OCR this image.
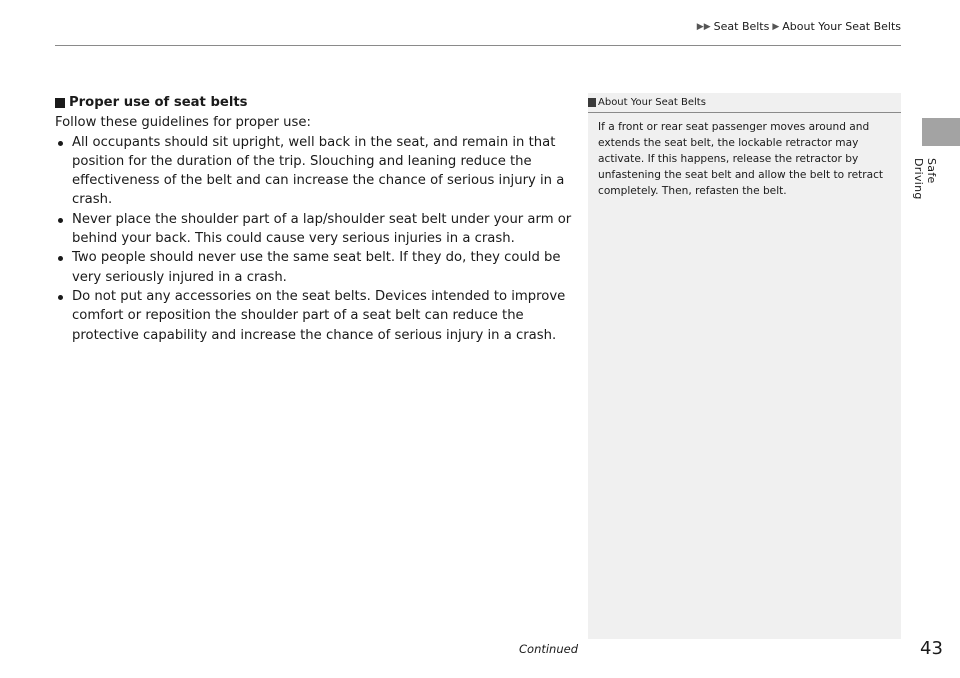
▶▶ Seat Belts ▶ About Your Seat Belts
Safe Driving
Proper use of seat belts

Follow these guidelines for proper use:

All occupants should sit upright, well back in the seat, and remain in that position for the duration of the trip. Slouching and leaning reduce the effectiveness of the belt and can increase the chance of serious injury in a crash.
Never place the shoulder part of a lap/shoulder seat belt under your arm or behind your back. This could cause very serious injuries in a crash.
Two people should never use the same seat belt. If they do, they could be very seriously injured in a crash.
Do not put any accessories on the seat belts. Devices intended to improve comfort or reposition the shoulder part of a seat belt can reduce the protective capability and increase the chance of serious injury in a crash.
About Your Seat Belts
If a front or rear seat passenger moves around and extends the seat belt, the lockable retractor may activate. If this happens, release the retractor by unfastening the seat belt and allow the belt to retract completely. Then, refasten the belt.
Continued	43
